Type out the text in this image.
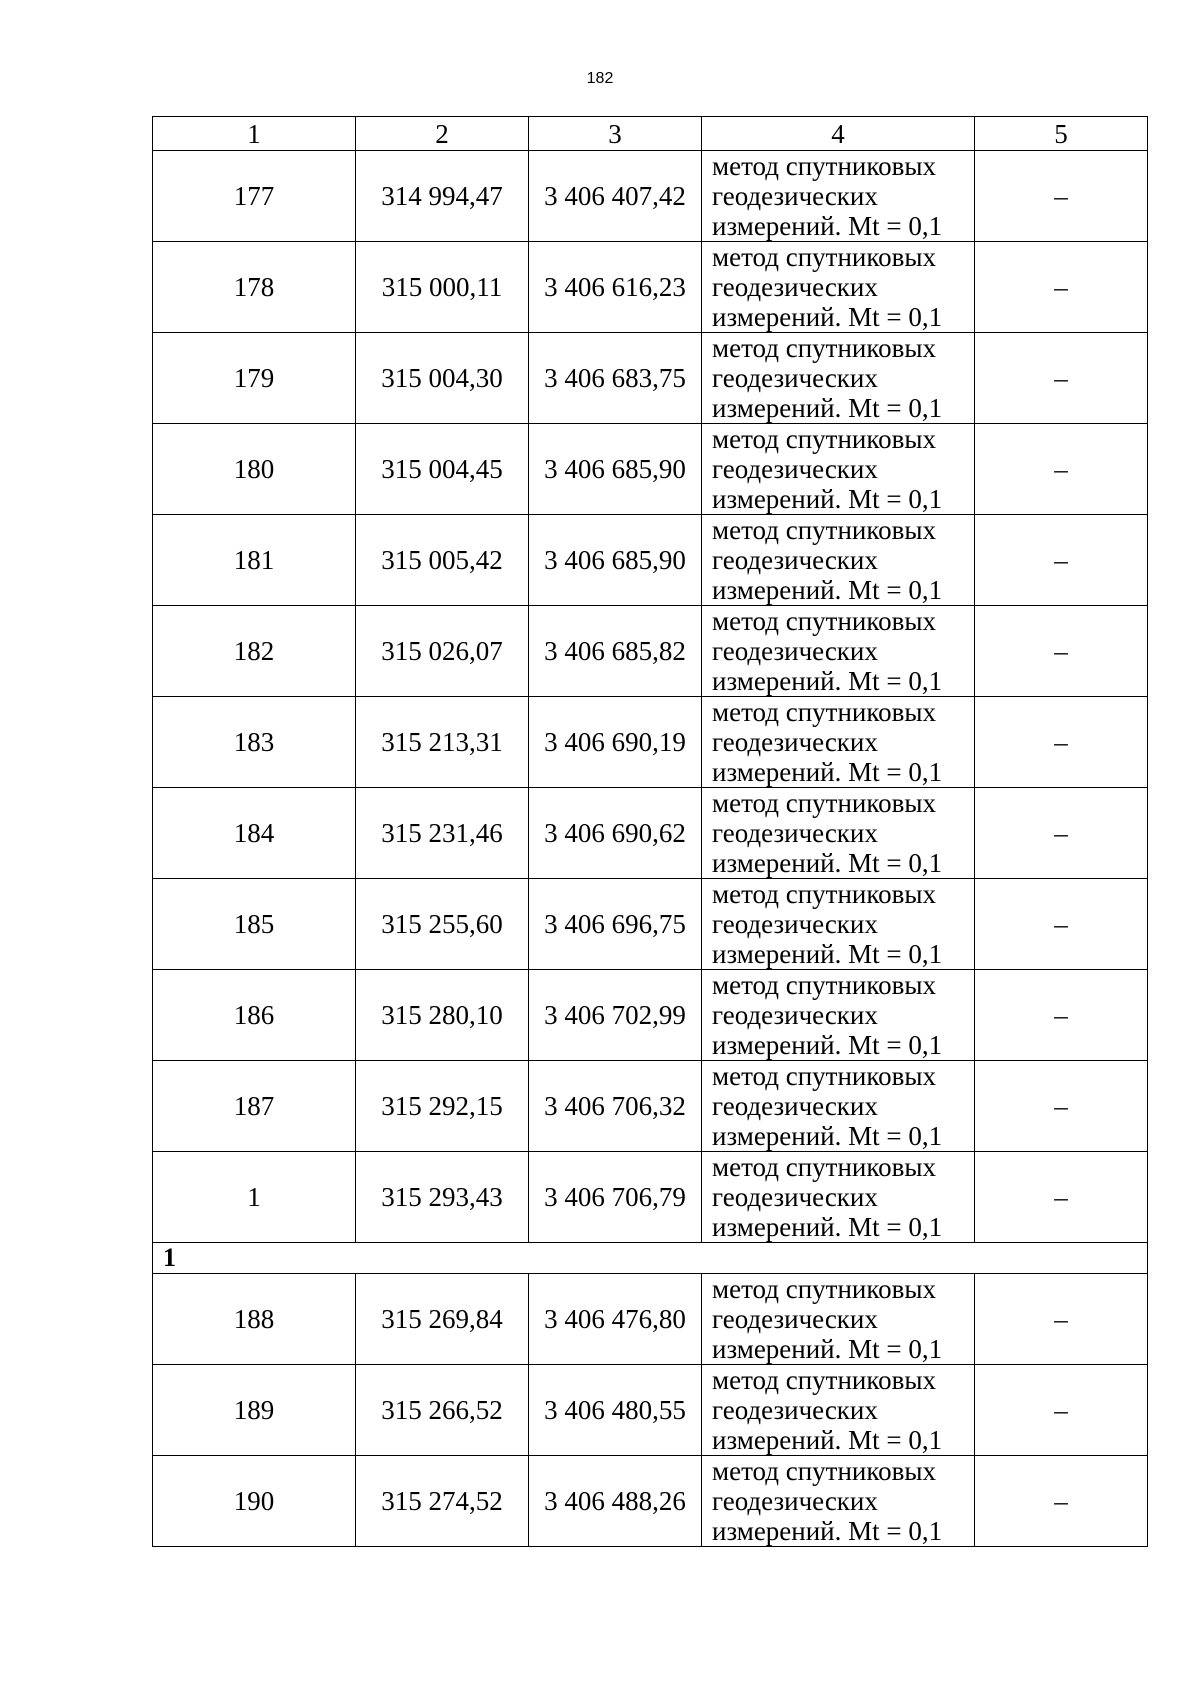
182
1	2	3	4	5
177	314 994,47	3 406 407,42	метод спутниковых
геодезических
измерений. Mt = 0,1	–
178	315 000,11	3 406 616,23	метод спутниковых
геодезических
измерений. Mt = 0,1	–
179	315 004,30	3 406 683,75	метод спутниковых
геодезических
измерений. Mt = 0,1	–
180	315 004,45	3 406 685,90	метод спутниковых
геодезических
измерений. Mt = 0,1	–
181	315 005,42	3 406 685,90	метод спутниковых
геодезических
измерений. Mt = 0,1	–
182	315 026,07	3 406 685,82	метод спутниковых
геодезических
измерений. Mt = 0,1	–
183	315 213,31	3 406 690,19	метод спутниковых
геодезических
измерений. Mt = 0,1	–
184	315 231,46	3 406 690,62	метод спутниковых
геодезических
измерений. Mt = 0,1	–
185	315 255,60	3 406 696,75	метод спутниковых
геодезических
измерений. Mt = 0,1	–
186	315 280,10	3 406 702,99	метод спутниковых
геодезических
измерений. Mt = 0,1	–
187	315 292,15	3 406 706,32	метод спутниковых
геодезических
измерений. Mt = 0,1	–
1	315 293,43	3 406 706,79	метод спутниковых
геодезических
измерений. Mt = 0,1	–
1				
188	315 269,84	3 406 476,80	метод спутниковых
геодезических
измерений. Mt = 0,1	–
189	315 266,52	3 406 480,55	метод спутниковых
геодезических
измерений. Mt = 0,1	–
190	315 274,52	3 406 488,26	метод спутниковых
геодезических
измерений. Mt = 0,1	–
